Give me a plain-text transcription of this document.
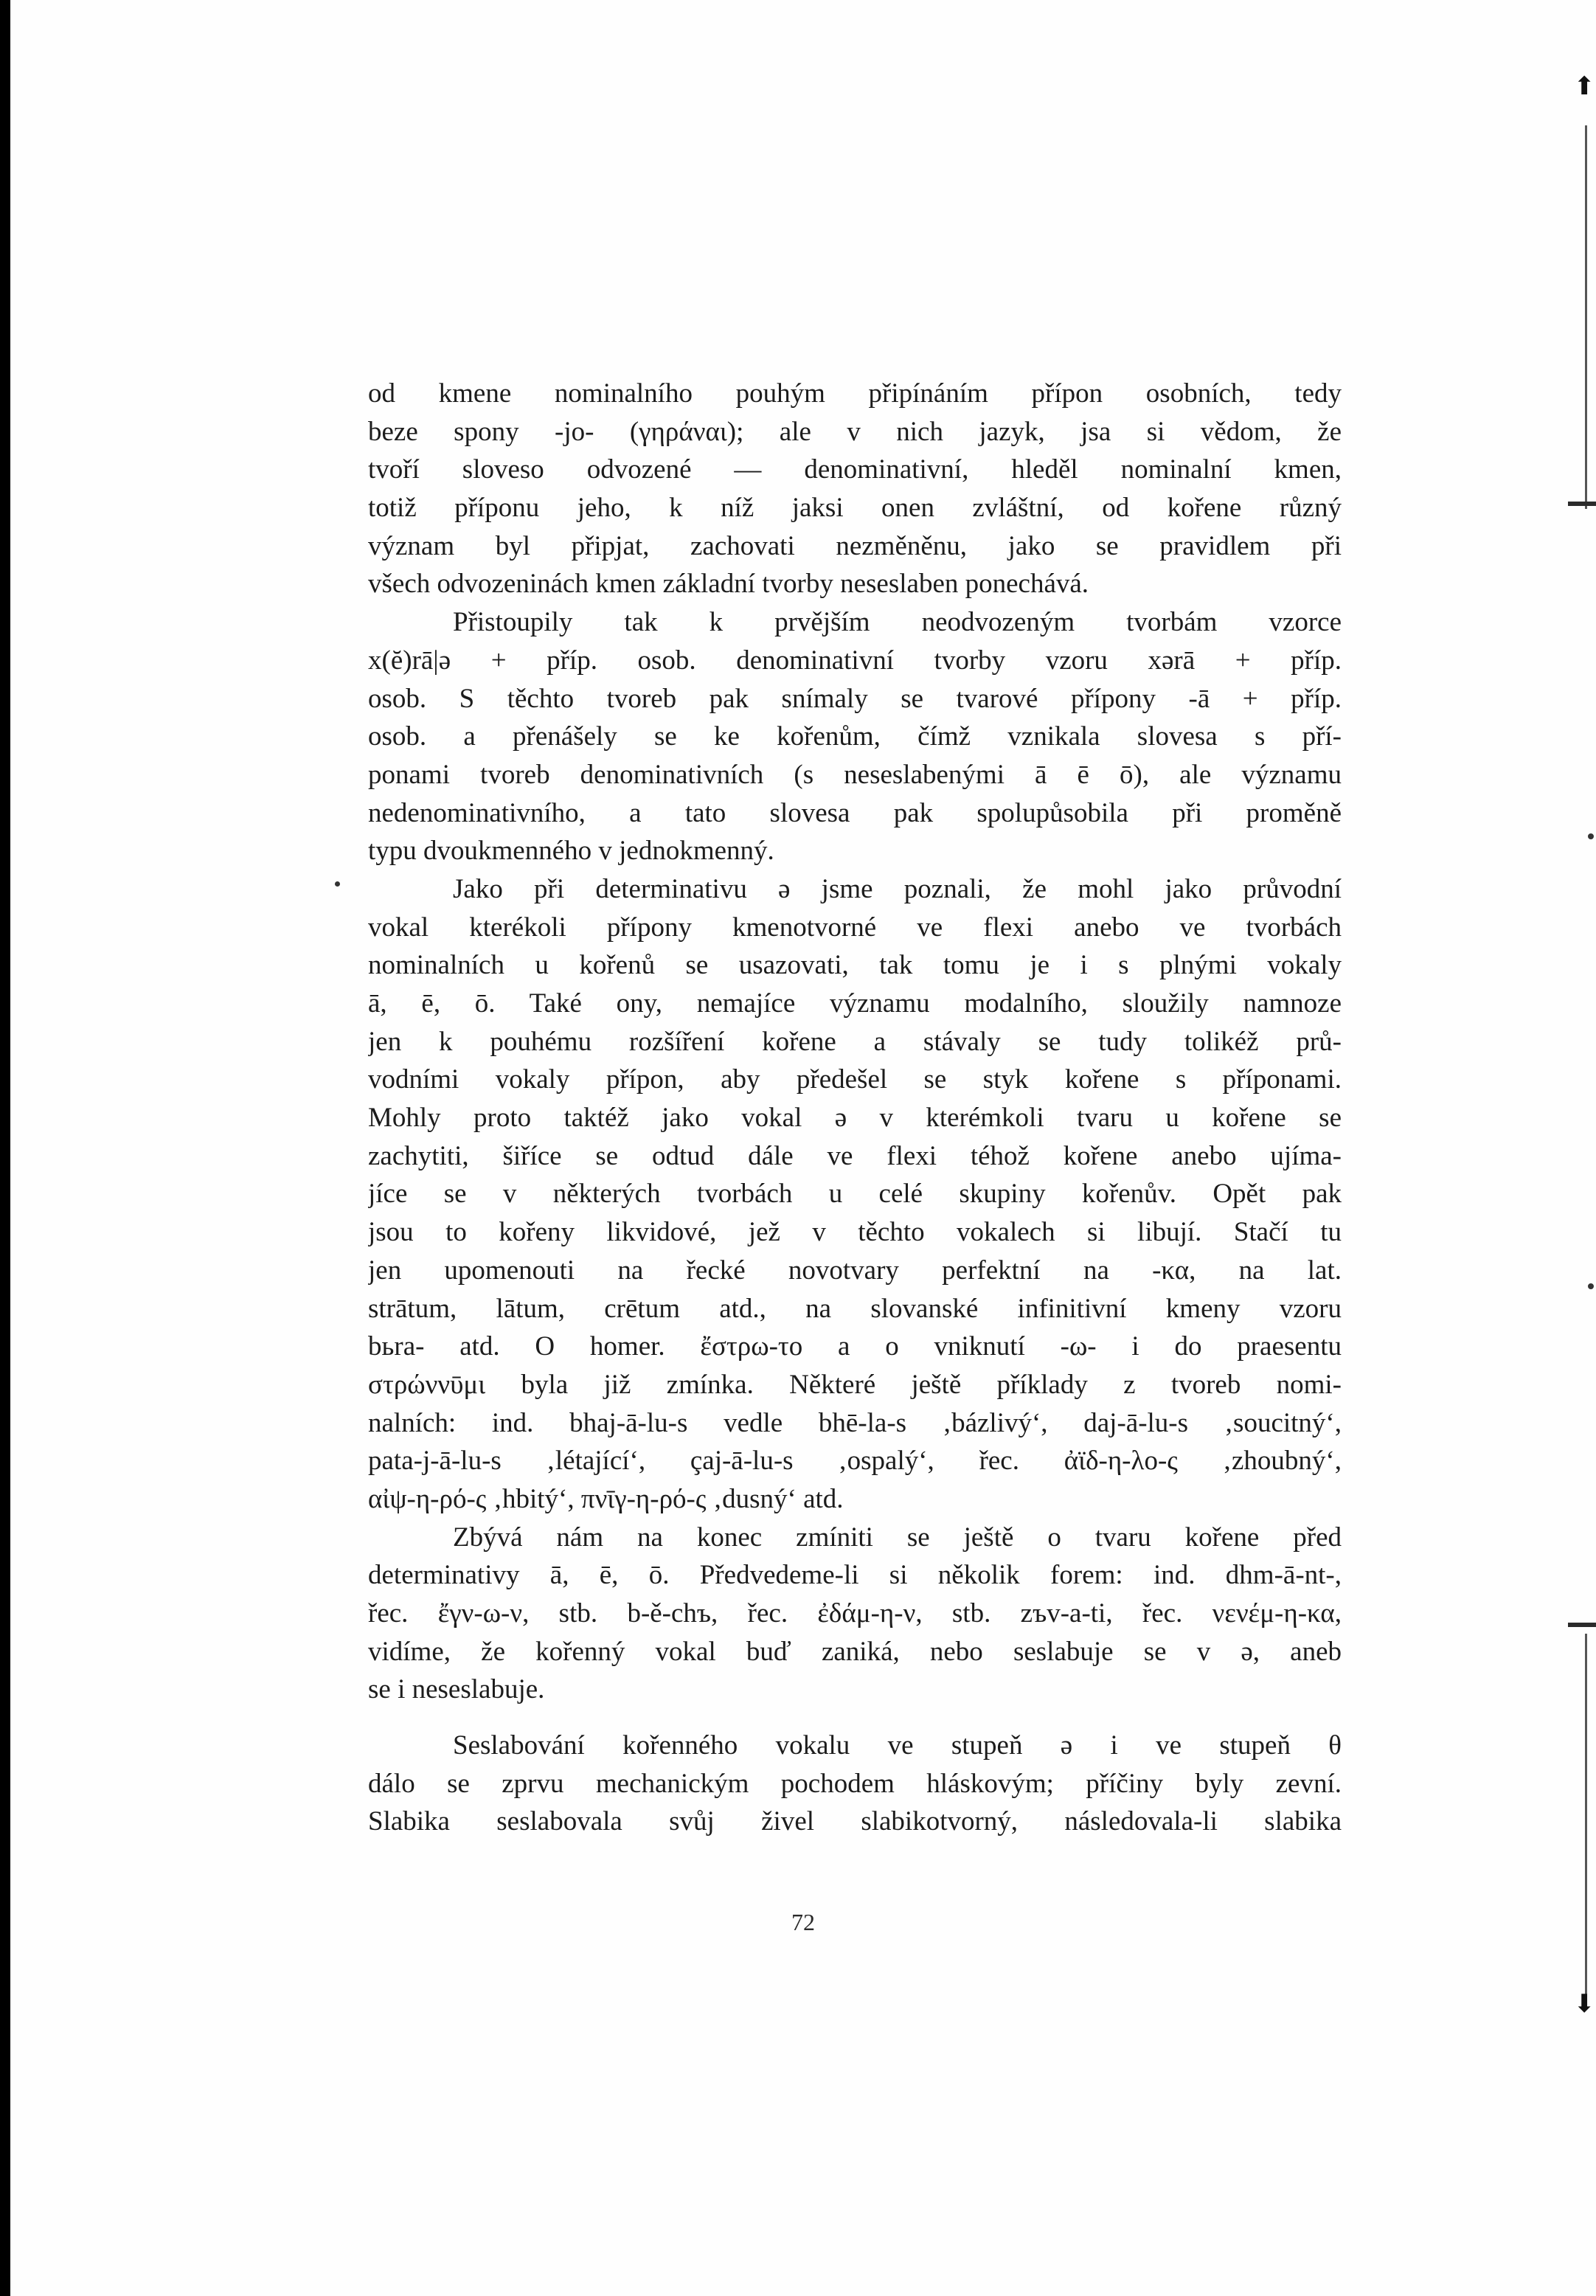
⬆
⬇
od kmene nominalního pouhým připínáním přípon osobních, tedy
beze spony -jo- (γηράναι); ale v nich jazyk, jsa si vědom, že
tvoří sloveso odvozené — denominativní, hleděl nominalní kmen,
totiž příponu jeho, k níž jaksi onen zvláštní, od kořene různý
význam byl připjat, zachovati nezměněnu, jako se pravidlem při
všech odvozeninách kmen základní tvorby neseslaben ponechává.
Přistoupily tak k prvějším neodvozeným tvorbám vzorce
x(ĕ)rā|ə + příp. osob. denominativní tvorby vzoru xərā + příp.
osob. S těchto tvoreb pak snímaly se tvarové přípony -ā + příp.
osob. a přenášely se ke kořenům, čímž vznikala slovesa s pří-
ponami tvoreb denominativních (s neseslabenými ā ē ō), ale významu
nedenominativního, a tato slovesa pak spolupůsobila při proměně
typu dvoukmenného v jednokmenný.
Jako při determinativu ə jsme poznali, že mohl jako průvodní
vokal kterékoli přípony kmenotvorné ve flexi anebo ve tvorbách
nominalních u kořenů se usazovati, tak tomu je i s plnými vokaly
ā, ē, ō. Také ony, nemajíce významu modalního, sloužily namnoze
jen k pouhému rozšíření kořene a stávaly se tudy tolikéž prů-
vodními vokaly přípon, aby předešel se styk kořene s příponami.
Mohly proto taktéž jako vokal ə v kterémkoli tvaru u kořene se
zachytiti, šiříce se odtud dále ve flexi téhož kořene anebo ujíma-
jíce se v některých tvorbách u celé skupiny kořenův. Opět pak
jsou to kořeny likvidové, jež v těchto vokalech si libují. Stačí tu
jen upomenouti na řecké novotvary perfektní na -κα, na lat.
strātum, lātum, crētum atd., na slovanské infinitivní kmeny vzoru
bьra- atd. O homer. ἔστρω-το a o vniknutí -ω- i do praesentu
στρώννῡμι byla již zmínka. Některé ještě příklady z tvoreb nomi-
nalních: ind. bhaj-ā-lu-s vedle bhē-la-s ‚bázlivý‘, daj-ā-lu-s ‚soucitný‘,
pata-j-ā-lu-s ‚létající‘, çaj-ā-lu-s ‚ospalý‘, řec. ἀϊδ-η-λο-ς ‚zhoubný‘,
αἰψ-η-ρό-ς ‚hbitý‘, πνῑγ-η-ρό-ς ‚dusný‘ atd.
Zbývá nám na konec zmíniti se ještě o tvaru kořene před
determinativy ā, ē, ō. Předvedeme-li si několik forem: ind. dhm-ā-nt-,
řec. ἔγν-ω-ν, stb. b-ě-chъ, řec. ἐδάμ-η-ν, stb. zъv-a-ti, řec. νενέμ-η-κα,
vidíme, že kořenný vokal buď zaniká, nebo seslabuje se v ə, aneb
se i neseslabuje.
Seslabování kořenného vokalu ve stupeň ə i ve stupeň θ
dálo se zprvu mechanickým pochodem hláskovým; příčiny byly zevní.
Slabika seslabovala svůj živel slabikotvorný, následovala-li slabika
72
